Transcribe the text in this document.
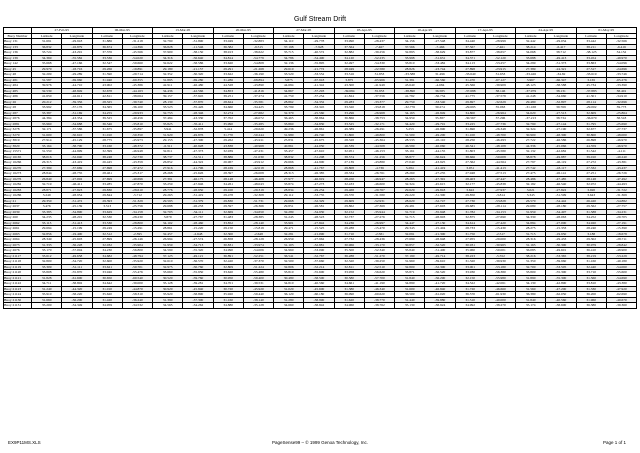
Gulf Stream Drift
	27-Feb-95		06-Mar-95		13-Mar-95		20-Mar-95		27-Mar-95		03-Apr-95		10-Apr-95		17-Apr-95		24-Apr-95		01-May-95	
Buoy Number	Latitude	Longitude	Latitude	Longitude	Latitude	Longitude	Latitude	Longitude	Latitude	Longitude	Latitude	Longitude	Latitude	Longitude	Latitude	Longitude	Latitude	Longitude	Latitude	Longitude
Buoy 131	31.691	-29.918	31.886	-31.218	32.790	-31.890	33.049	-32.883	34.110	-29.778	33.990	-28.437	34.156	-27.548	34.440	-28.999	32.442	-29.034	33.442	-32.566
Buoy 133	36.832	-16.879	36.674	-14.396	36.828	-11.546	36.382	-9.515	37.198	-7.928	37.564	-7.467	37.566	-7.466	37.567	-7.461	38.214	-6.417	38.211	-6.416
Buoy 136	33.724	-43.291	37.376	-45.566	37.900	-38.150	38.913	-38.622	35.715	-40.572	32.882	-39.256	32.893	-38.629	33.877	-38.657	34.068	38.712	-38.125	34.152
Buoy 139	34.369	-55.582	33.536	-54.020	34.316	-56.640	34.814	-54.779	34.786	-54.490	34.120	-52.235	33.998	-51.631	34.371	-52.120	33.688	-49.413	33.454	-49.970
Buoy 142	35.668	-47.166	32.547	-59.660	32.622	-58.586	33.620	-54.808	32.136	-55.895	32.497	-54.330	33.810	-53.482	34.113	-53.257	34.299	-51.373	33.863	-54.096
Buoy 45	29.970	-18.716	29.266	-19.891	29.180	-21.157	29.291	-21.268	29.610	-21.772	28.949	-22.580	28.826	-23.744	27.898	-23.915	27.389	-24.321	27.317	-24.696
Buoy 48	32.209	-29.289	31.590	-29.714	32.352	-30.320	33.622	-36.190	33.520	-33.552	33.516	31.853	-33.588	31.496	-33.640	31.653	-33.426	-34.82	-33.619	-33.746
Buoy 481	31.587	-69.960	31.940	-69.355	31.895	-69.280	31.286	-68.894	3.875	-67.918	3.875	-65.966	31.381	-66.560	31.470	-67.127	3.967	-66.347	3.165	-65.276
Buoy 484	39.976	-44.710	43.902	-45.386	42.911	-46.480	44.528	-43.890	44.684	-41.342	43.300	-41.949	43.640	-4.684	45.566	-39.909	48.123	-38.588	45.734	-33.390
Buoy 485	32.539	-48.849	32.678	-44.163	34.436	-42.566	34.853	-41.816	34.867	-37.293	-39.684	35.953	-38.890	36.585	-37.688	38.146	-37.979	38.131	-37.883	38.401
Buoy 486	41.650	-42.611	42.811	-38.064	39.157	-37.945	39.251	-37.274	41.750	-37.254	41.824	-37.556	41.782	-36.734	41.775	-37.578	41.248	-34.660	41.301	-34.910
Buoy 26	20.212	-39.356	28.325	-39.740	28.130	-37.870	28.624	-35.581	28.862	-34.332	29.283	-33.377	29.750	-33.540	29.697	-32.629	29.480	-32.897	28.114	-32.696
Buoy 28	33.992	-37.176	34.365	-36.100	33.523	-35.426	34.660	-34.425	33.799	-33.345	33.320	-33.818	-32.776	30.274	-29.695	35.063	-31.168	39.769	-29.002	39.773
Buoy 287	33.387	-31.169	34.255	-29.933	32.753	-28.346	32.274	-27.682	32.370	-25.560	33.296	-26.968	34.163	-26.849	34.800	-26.964	34.620	-27.513	32.609	-25.864
Buoy 2876	44.384	-43.354	39.525	-40.456	37.484	-43.330	37.702	-46.072	36.465	-38.864	36.866	-38.753	34.959	35.387	-30.567	37.296	-37.213	38.734	-36.670	38.518
Buoy 2881	35.960	-34.688	36.546	-35.810	35.825	-35.411	35.990	-35.285	33.860	-34.830	33.525	-32.171	34.420	-29.791	33.225	-27.736	32.790	-27.144	31.795	-25.690
Buoy 3278	32.171	-37.586	31.675	-35.897	3.941	-32.878	5.414	-29.620	49.236	-26.861	49.389	-26.291	5.253	-26.990	31.690	-26.348	32.324	-27.190	32.677	-27.737
Buoy 3279	31.600	-50.610	31.010	-50.350	31.920	-49.876	31.770	-50.244	31.980	-49.740	31.800	-49.800	31.500	-49.200	31.100	-48.700	30.900	-48.300	30.800	-48.000
Buoy 3819	27.914	-45.129	28.775	-45.973	29.153	-47.300	29.262	-45.911	25.831	-45.675	28.328	-45.364	28.533	-45.110	28.250	-46.293	27.722	-46.586	26.898	-46.970
Buoy 3820	33.164	-38.700	33.160	-48.372	-6.311	-40.928	43.838	-40.968	40.861	-44.050	46.539	-44.508	46.599	-46.060	46.341	-48.108	44.336	-45.066	44.359	-46.970
Buoy 15571	31.550	-44.999	32.399	-46.948	32.811	-47.373	32.939	-47.231	33.457	-47.610	32.951	-46.153	33.161	-44.155	31.803	-45.580	32.132	-42.682	31.542	-4.111
Buoy 16165	38.016	-52.040	38.248	-52.730	38.737	-51.511	38.886	-51.030	38.832	-51.208	38.574	-51.256	38.877	-50.624	38.666	-50.008	38.878	-49.887	39.010	-49.240
Buoy 16266	26.315	-43.419	26.445	-43.359	26.852	-44.322	26.967	-43.912	29.666	-44.900	27.139	-43.880	27.040	-43.925	27.362	-44.564	27.797	-46.119	27.272	-43.381
Buoy 16270	27.399	-37.669	27.698	-37.472	27.916	-41.796	28.169	-42.018	28.868	-41.767	29.808	-4.736	3.284	-41.419	3.051	-41.413	27.742	-43.117	27.332	-43.437
Buoy 16273	28.844	-28.735	28.461	-25.317	28.268	-25.626	28.397	-26.008	28.313	-26.385	28.334	-26.761	28.260	-27.235	27.948	-27.513	27.475	-26.141	27.251	-26.726
Buoy 16276	26.840	-27.002	27.699	-40.696	27.391	-46.175	28.148	-46.408	27.977	-46.919	28.450	-46.947	28.263	-47.391	28.403	-47.447	28.486	-47.485	28.148	-47.492
Buoy 16282	32.719	-46.411	33.285	-47.870	33.259	-47.946	34.261	-48.043	33.874	-47.273	32.433	-46.600	32.324	-45.615	32.177	-45.838	32.182	-46.540	32.972	-44.493
Buoy 16283	28.871	-27.823	29.830	-28.610	28.776	-28.950	29.100	-29.319	28.834	-29.234	29.468	-29.767	29.629	-29.818	3.622	-27.937	3.021	-27.822	3.920	-31.722
Buoy 16286	3.249	-28.954	29.844	-5.712	29.263	-31.419	29.478	-32.308	29.112	-33.735	29.370	-31.580	29.220	-31.300	29.850	-3.814	3.345	-31.599	3.643	-31.369
Buoy 21	29.350	-51.472	29.393	-51.329	29.593	-51.379	29.830	-51.731	29.668	-52.329	29.609	-52.931	28.620	-52.747	27.730	-53.828	26.570	-54.442	26.420	-54.882
Buoy 2637	3.476	-25.139	3.513	-25.756	29.688	-26.233	29.597	-26.366	29.851	-26.581	29.862	-27.369	29.481	-27.603	29.685	-28.114	29.689	-28.180	29.562	-27.757
Buoy 2639	33.385	-34.890	33.629	-34.158	32.703	-34.111	32.669	-34.650	32.289	-34.930	32.152	-35.944	31.719	-35.948	31.782	-34.153	31.959	-34.497	31.588	-34.231
Buoy 260	34.235	-28.201	32.530	-28.230	3.879	-27.767	31.483	-28.385	31.245	-28.523	32.737	-27.276	31.715	-28.903	32.875	-27.690	34.330	-28.063	34.252	-29.705
Buoy 2662	33.113	-31.413	33.530	-28.800	34.102	-28.460	33.852	-28.140	33.901	-27.842	34.236	-26.997	34.447	-27.130	34.614	-27.420	34.884	-27.000	34.920	-27.191
Buoy 2661	29.694	-15.199	29.249	-15.291	28.861	-15.220	29.150	-15.819	29.471	-15.525	29.288	-15.470	29.343	-15.404	28.733	-15.430	28.275	-15.333	28.240	-15.390
Buoy 2663	32.856	-19.400	32.512	-2.395	32.457	-2.648	32.300	-2.648	32.281	-21.090	31.710	-2.581	32.091	-21.300	31.750	-2.517	31.715	-19.950	3.188	-18.678
Buoy 2664	28.349	-25.603	27.899	-26.146	26.994	-27.574	26.858	-28.128	26.959	-27.962	27.732	-28.436	27.690	-28.948	27.955	-29.000	28.316	-29.433	29.302	-28.711
Buoy 2673	31.333	-36.228	32.032	-35.904	31.959	-34.713	30.831	-33.974	31.103	-32.881	30.966	-33.170	30.857	-32.520	30.931	-30.965	31.165	-30.300	30.979	-28.842
Buoy 2676	33.170	-57.004	34.230	-56.800	34.590	-55.320	34.990	-54.006	34.960	-53.090	35.500	-52.340	35.840	-51.400	35.960	-50.001	36.085	-49.601	36.410	-48.900
Buoy 21117	33.612	-49.658	34.682	-48.794	37.123	-49.121	36.891	-52.251	36.541	-52.767	36.288	-51.270	37.190	-49.714	38.223	-5.552	38.216	-53.365	38.219	-53.229
Buoy 21118	32.800	-34.720	32.600	-35.920	32.610	-36.570	32.420	-37.370	32.500	-37.660	32.320	-39.250	31.960	-39.610	31.320	-39.930	31.350	-39.960	31.160	-40.180
Buoy 21119	33.309	-51.111	33.621	-50.701	32.975	-50.760	32.809	-51.224	32.806	-52.214	32.811	-52.510	32.800	-52.300	33.001	-53.180	32.700	-53.505	32.440	-54.060
Buoy 21120	33.808	-55.870	33.946	-55.476	33.660	-55.950	33.620	-55.480	33.810	-55.600	33.958	-56.620	33.871	-56.520	33.930	-56.380	33.800	-55.300	33.710	-55.600
Buoy 21121	31.828	-61.600	30.650	-60.540	30.520	-59.760	30.950	-59.400	30.480	-58.500	30.580	-57.700	31.840	-56.290	32.150	-55.980	31.890	-55.300	31.560	-54.690
Buoy 21122	34.711	-38.802	34.642	-39.000	35.128	-39.281	34.701	-39.531	34.810	-40.560	34.661	-41.190	34.890	-41.720	34.522	-42.061	34.130	-42.890	33.810	-43.380
Buoy 21123	31.240	-44.320	31.010	-44.870	30.920	-45.840	30.720	-45.920	31.020	-45.600	31.380	-46.340	31.600	-46.840	31.720	-46.660	31.560	-47.200	31.330	-47.920
Buoy 21124	35.910	-58.220	35.620	-58.310	35.920	-58.890	35.920	-59.440	36.120	-60.180	36.090	-60.620	36.500	-61.020	36.570	-61.930	36.380	-62.050	36.200	-62.690
Buoy 21130	31.660	-36.200	31.420	-36.240	31.390	-37.300	31.160	-38.140	31.280	-38.990	31.620	-38.770	31.440	-39.880	31.510	-40.000	31.840	-40.560	31.960	-40.670
Buoy 21131	35.200	-34.349	34.959	-34.532	34.565	-34.262	34.880	-35.128	34.660	-38.842	34.960	-38.762	35.130	-38.924	34.992	-38.270	35.174	-38.600	36.380	-39.360
EX9P11MS.XLS	PageSense99 – © 1999 Genoa Technology, Inc.	Page 1 of 1
